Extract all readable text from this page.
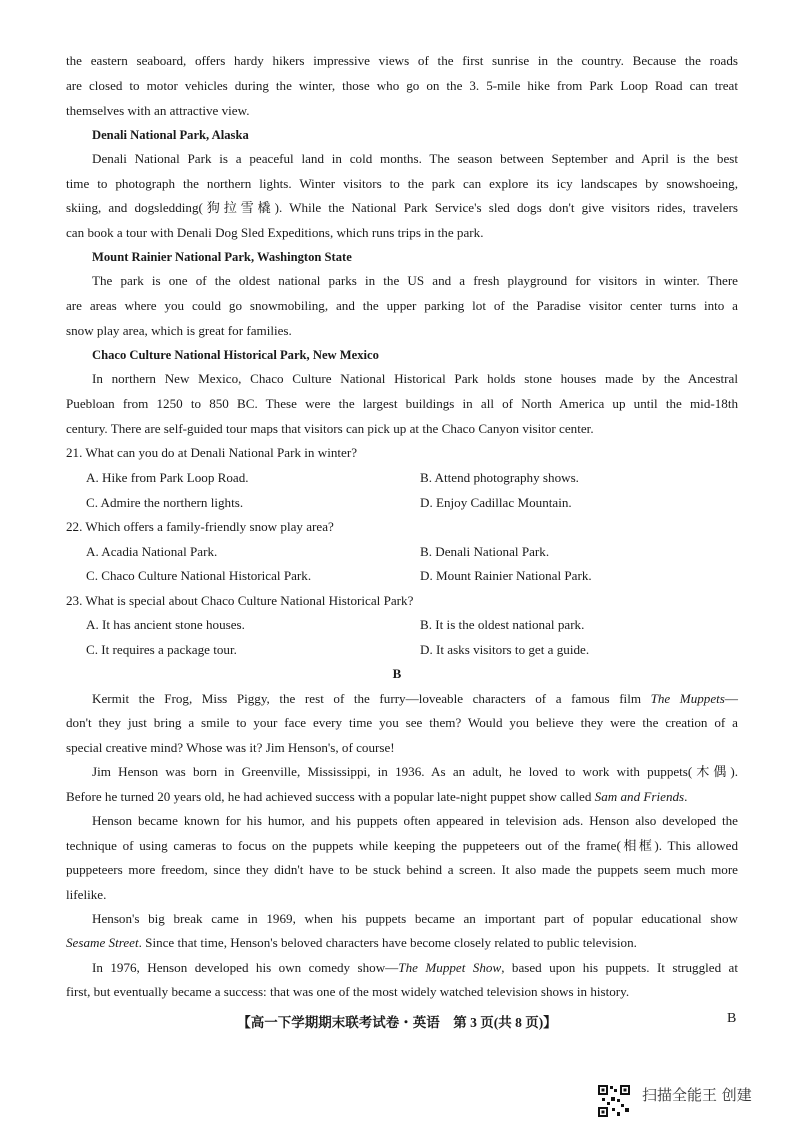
the eastern seaboard, offers hardy hikers impressive views of the first sunrise in the country. Because the roads
are closed to motor vehicles during the winter, those who go on the 3. 5-mile hike from Park Loop Road can treat
themselves with an attractive view.
Denali National Park, Alaska
Denali National Park is a peaceful land in cold months. The season between September and April is the best
time to photograph the northern lights. Winter visitors to the park can explore its icy landscapes by snowshoeing,
skiing, and dogsledding(狗拉雪橇). While the National Park Service's sled dogs don't give visitors rides, travelers
can book a tour with Denali Dog Sled Expeditions, which runs trips in the park.
Mount Rainier National Park, Washington State
The park is one of the oldest national parks in the US and a fresh playground for visitors in winter. There
are areas where you could go snowmobiling, and the upper parking lot of the Paradise visitor center turns into a
snow play area, which is great for families.
Chaco Culture National Historical Park, New Mexico
In northern New Mexico, Chaco Culture National Historical Park holds stone houses made by the Ancestral
Puebloan from 1250 to 850 BC. These were the largest buildings in all of North America up until the mid-18th
century. There are self-guided tour maps that visitors can pick up at the Chaco Canyon visitor center.
21. What can you do at Denali National Park in winter?
A. Hike from Park Loop Road.	B. Attend photography shows.
C. Admire the northern lights.	D. Enjoy Cadillac Mountain.
22. Which offers a family-friendly snow play area?
A. Acadia National Park.	B. Denali National Park.
C. Chaco Culture National Historical Park.	D. Mount Rainier National Park.
23. What is special about Chaco Culture National Historical Park?
A. It has ancient stone houses.	B. It is the oldest national park.
C. It requires a package tour.	D. It asks visitors to get a guide.
B
Kermit the Frog, Miss Piggy, the rest of the furry—loveable characters of a famous film The Muppets—
don't they just bring a smile to your face every time you see them? Would you believe they were the creation of a
special creative mind? Whose was it? Jim Henson's, of course!
Jim Henson was born in Greenville, Mississippi, in 1936. As an adult, he loved to work with puppets(木偶).
Before he turned 20 years old, he had achieved success with a popular late-night puppet show called Sam and Friends.
Henson became known for his humor, and his puppets often appeared in television ads. Henson also developed the
technique of using cameras to focus on the puppets while keeping the puppeteers out of the frame(相框). This allowed
puppeteers more freedom, since they didn't have to be stuck behind a screen. It also made the puppets seem much more
lifelike.
Henson's big break came in 1969, when his puppets became an important part of popular educational show
Sesame Street. Since that time, Henson's beloved characters have become closely related to public television.
In 1976, Henson developed his own comedy show—The Muppet Show, based upon his puppets. It struggled at
first, but eventually became a success: that was one of the most widely watched television shows in history.
【高一下学期期末联考试卷・英语　第 3 页(共 8 页)】	B
扫描全能王 创建
